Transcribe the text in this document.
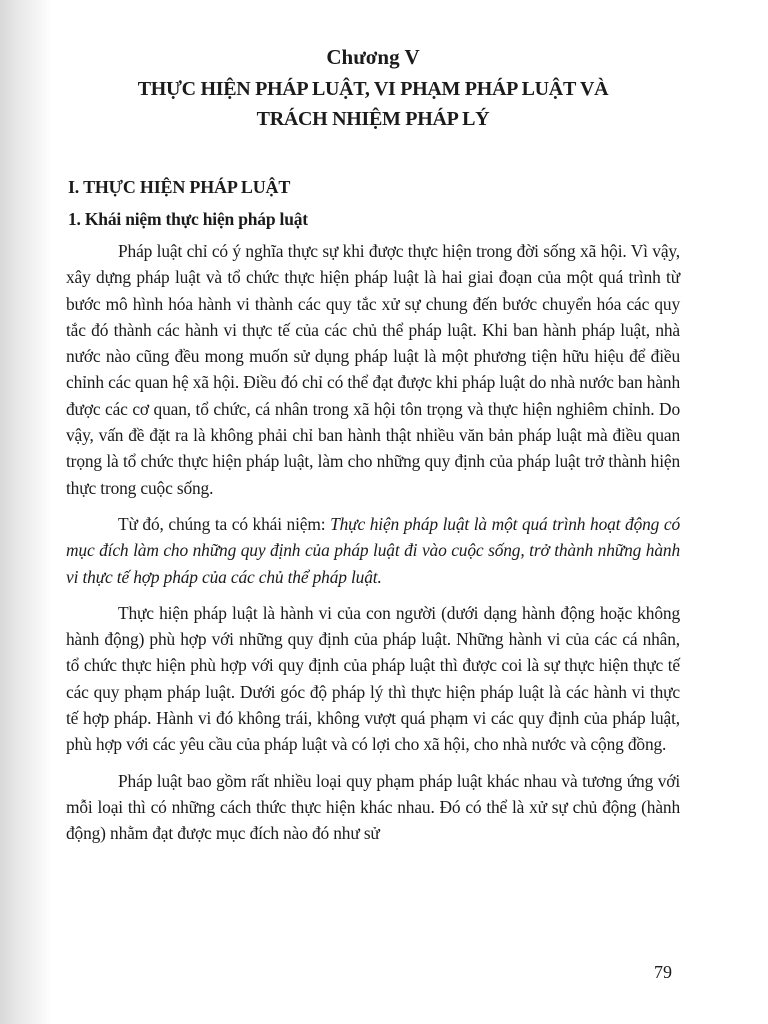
Chương V
THỰC HIỆN PHÁP LUẬT, VI PHẠM PHÁP LUẬT VÀ
TRÁCH NHIỆM PHÁP LÝ
I. THỰC HIỆN PHÁP LUẬT
1. Khái niệm thực hiện pháp luật

Pháp luật chỉ có ý nghĩa thực sự khi được thực hiện trong đời sống xã hội. Vì vậy, xây dựng pháp luật và tổ chức thực hiện pháp luật là hai giai đoạn của một quá trình từ bước mô hình hóa hành vi thành các quy tắc xử sự chung đến bước chuyển hóa các quy tắc đó thành các hành vi thực tế của các chủ thể pháp luật. Khi ban hành pháp luật, nhà nước nào cũng đều mong muốn sử dụng pháp luật là một phương tiện hữu hiệu để điều chỉnh các quan hệ xã hội. Điều đó chỉ có thể đạt được khi pháp luật do nhà nước ban hành được các cơ quan, tổ chức, cá nhân trong xã hội tôn trọng và thực hiện nghiêm chỉnh. Do vậy, vấn đề đặt ra là không phải chỉ ban hành thật nhiều văn bản pháp luật mà điều quan trọng là tổ chức thực hiện pháp luật, làm cho những quy định của pháp luật trở thành hiện thực trong cuộc sống.

Từ đó, chúng ta có khái niệm: Thực hiện pháp luật là một quá trình hoạt động có mục đích làm cho những quy định của pháp luật đi vào cuộc sống, trở thành những hành vi thực tế hợp pháp của các chủ thể pháp luật.

Thực hiện pháp luật là hành vi của con người (dưới dạng hành động hoặc không hành động) phù hợp với những quy định của pháp luật. Những hành vi của các cá nhân, tổ chức thực hiện phù hợp với quy định của pháp luật thì được coi là sự thực hiện thực tế các quy phạm pháp luật. Dưới góc độ pháp lý thì thực hiện pháp luật là các hành vi thực tế hợp pháp. Hành vi đó không trái, không vượt quá phạm vi các quy định của pháp luật, phù hợp với các yêu cầu của pháp luật và có lợi cho xã hội, cho nhà nước và cộng đồng.

Pháp luật bao gồm rất nhiều loại quy phạm pháp luật khác nhau và tương ứng với mỗi loại thì có những cách thức thực hiện khác nhau. Đó có thể là xử sự chủ động (hành động) nhằm đạt được mục đích nào đó như sử

79
